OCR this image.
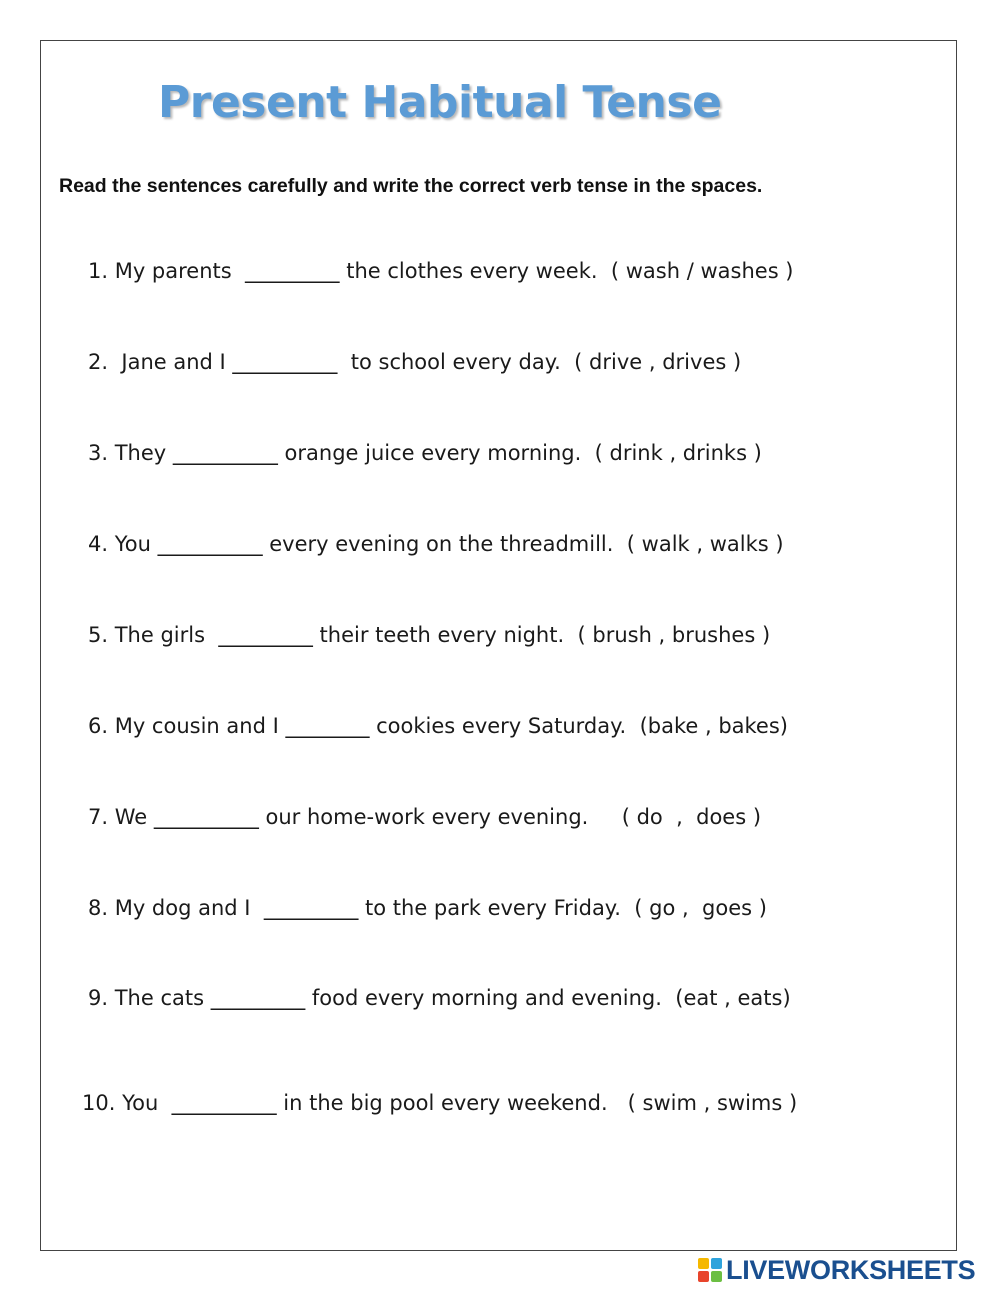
Present Habitual Tense
Read the sentences carefully and write the correct verb tense in the spaces.
1. My parents  _________ the clothes every week.  ( wash / washes )
2.  Jane and I __________  to school every day.  ( drive , drives )
3. They __________ orange juice every morning.  ( drink , drinks )
4. You __________ every evening on the threadmill.  ( walk , walks )
5. The girls  _________ their teeth every night.  ( brush , brushes )
6. My cousin and I ________ cookies every Saturday.  (bake , bakes)
7. We __________ our home-work every evening.     ( do  ,  does )
8. My dog and I  _________ to the park every Friday.  ( go ,  goes )
9. The cats _________ food every morning and evening.  (eat , eats)
10. You  __________ in the big pool every weekend.   ( swim , swims )
LIVEWORKSHEETS
